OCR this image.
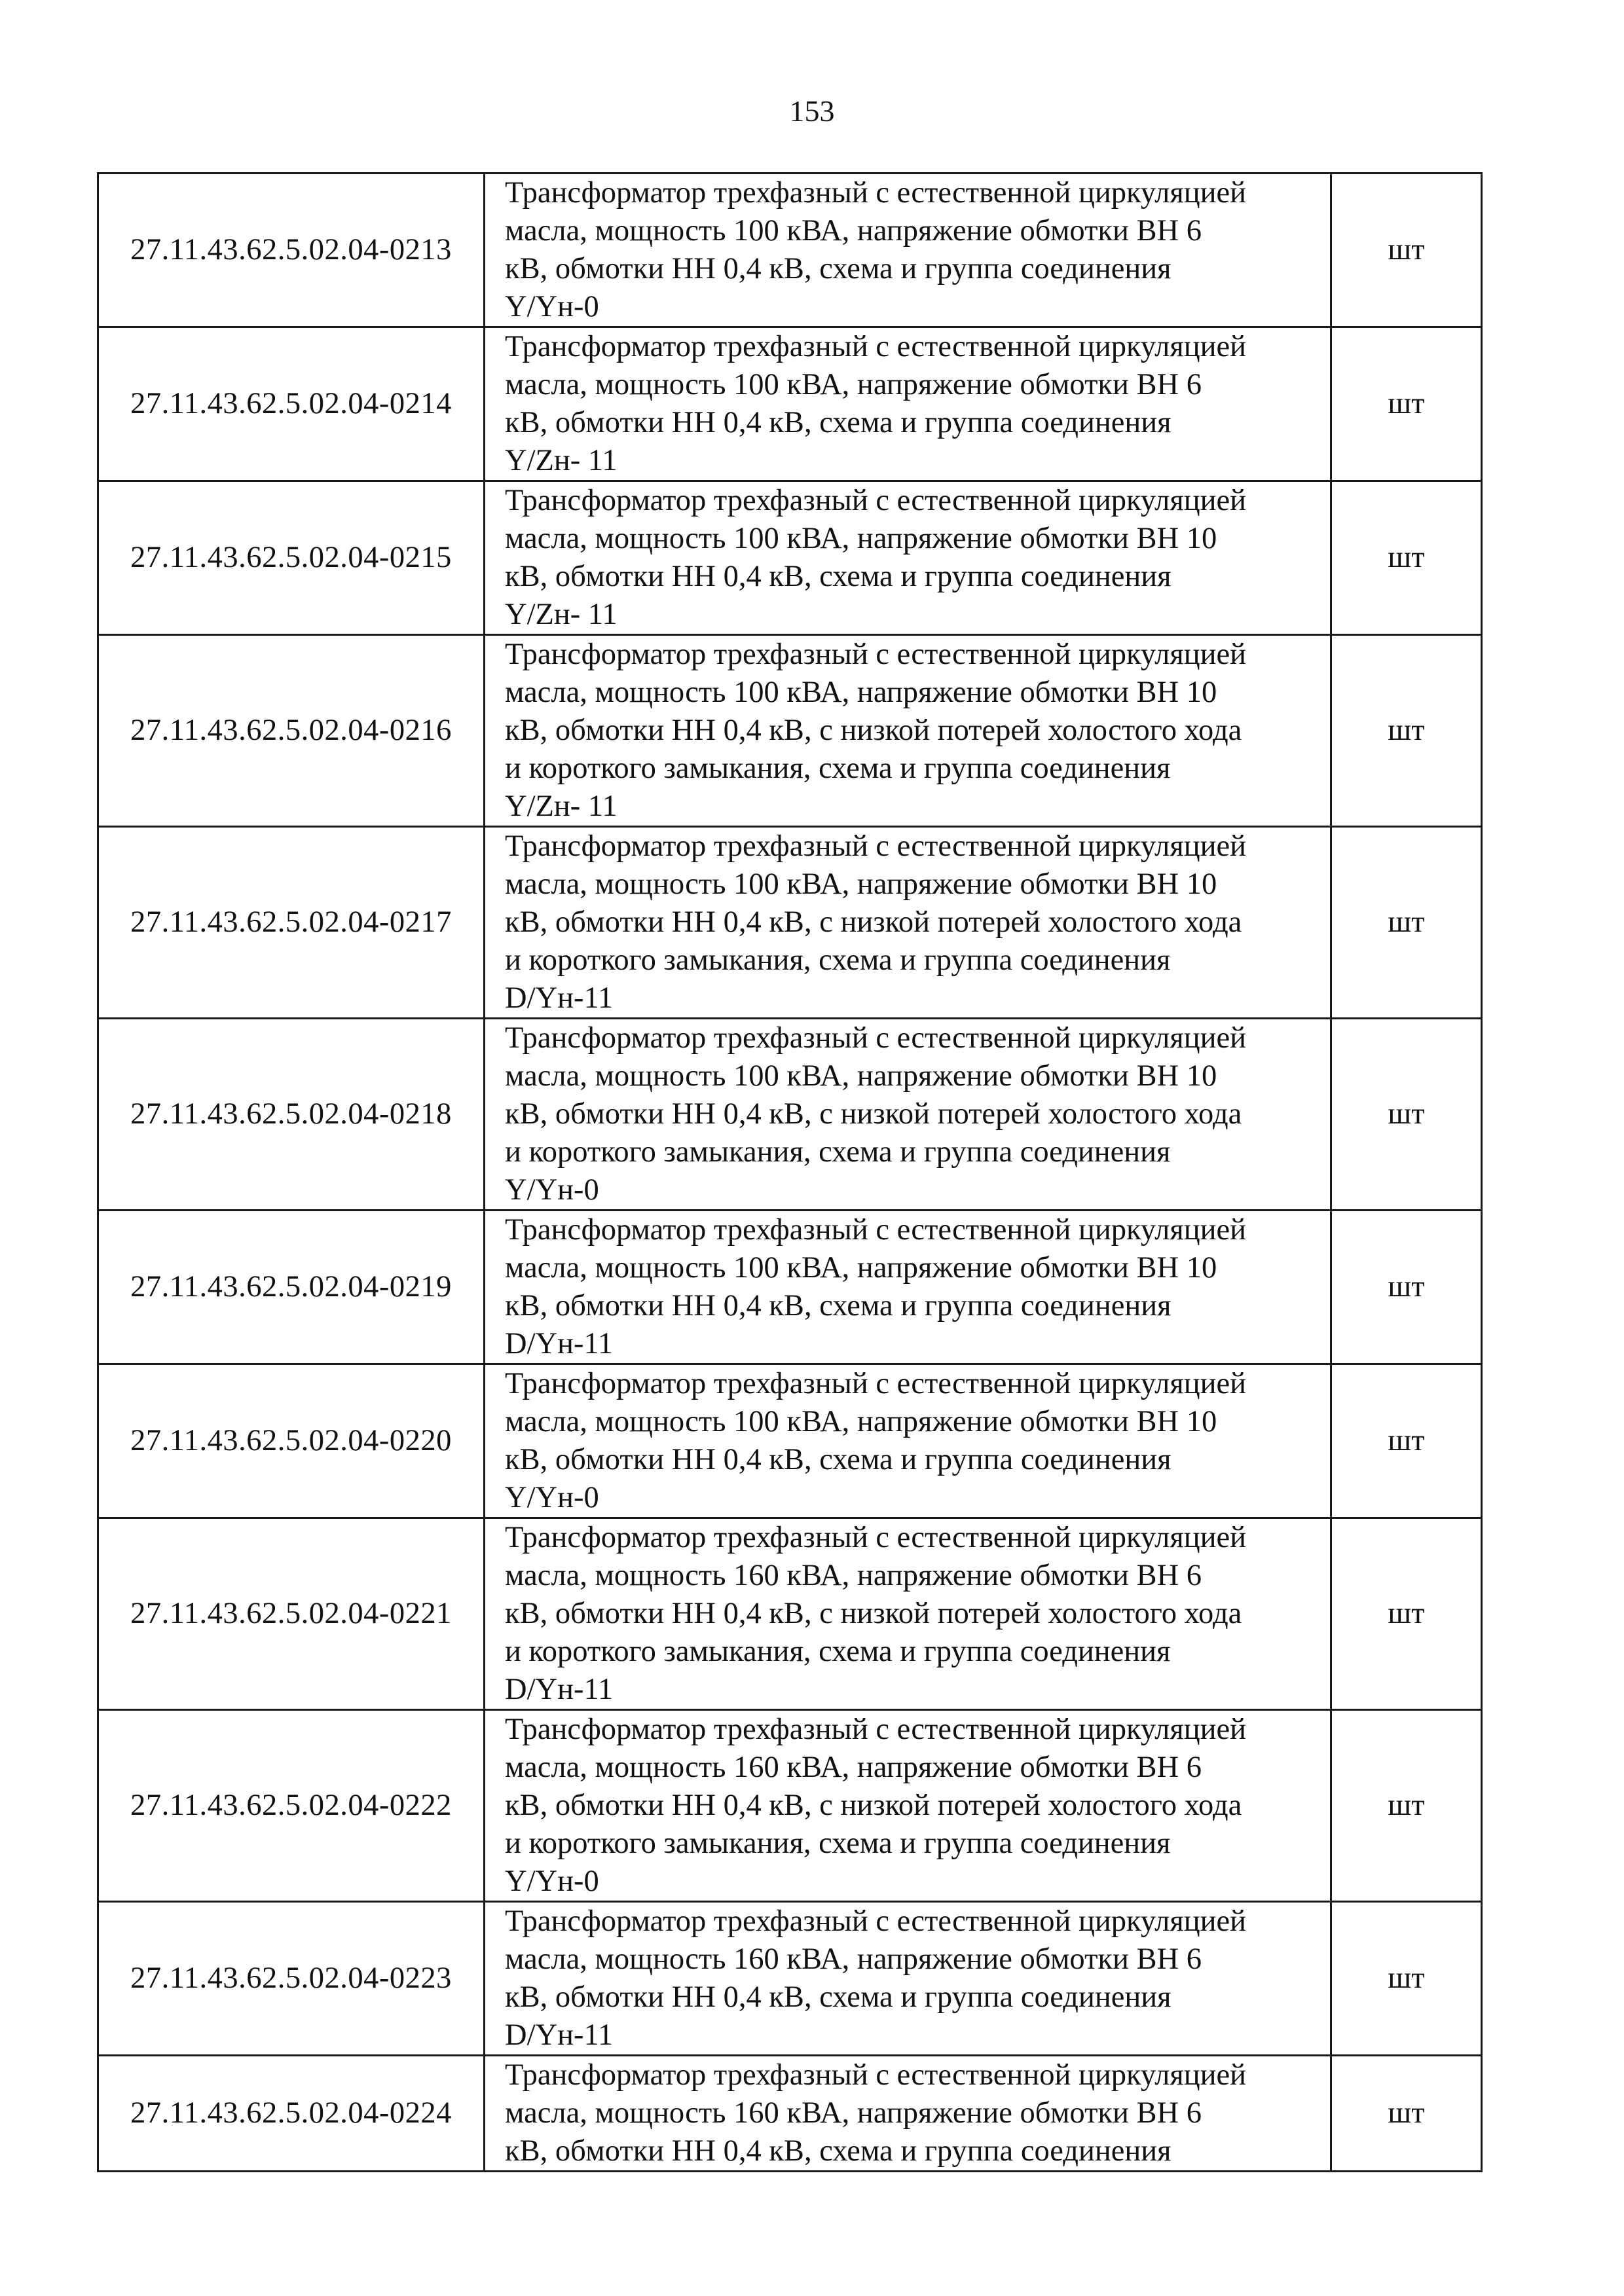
153
27.11.43.62.5.02.04-0213	Трансформатор трехфазный с естественной циркуляцией
масла, мощность 100 кВА, напряжение обмотки ВН 6
кВ, обмотки НН 0,4 кВ, схема и группа соединения
Y/Yн-0	шт
27.11.43.62.5.02.04-0214	Трансформатор трехфазный с естественной циркуляцией
масла, мощность 100 кВА, напряжение обмотки ВН 6
кВ, обмотки НН 0,4 кВ, схема и группа соединения
Y/Zн- 11	шт
27.11.43.62.5.02.04-0215	Трансформатор трехфазный с естественной циркуляцией
масла, мощность 100 кВА, напряжение обмотки ВН 10
кВ, обмотки НН 0,4 кВ, схема и группа соединения
Y/Zн- 11	шт
27.11.43.62.5.02.04-0216	Трансформатор трехфазный с естественной циркуляцией
масла, мощность 100 кВА, напряжение обмотки ВН 10
кВ, обмотки НН 0,4 кВ, с низкой потерей холостого хода
и короткого замыкания, схема и группа соединения
Y/Zн- 11	шт
27.11.43.62.5.02.04-0217	Трансформатор трехфазный с естественной циркуляцией
масла, мощность 100 кВА, напряжение обмотки ВН 10
кВ, обмотки НН 0,4 кВ, с низкой потерей холостого хода
и короткого замыкания, схема и группа соединения
D/Yн-11	шт
27.11.43.62.5.02.04-0218	Трансформатор трехфазный с естественной циркуляцией
масла, мощность 100 кВА, напряжение обмотки ВН 10
кВ, обмотки НН 0,4 кВ, с низкой потерей холостого хода
и короткого замыкания, схема и группа соединения
Y/Yн-0	шт
27.11.43.62.5.02.04-0219	Трансформатор трехфазный с естественной циркуляцией
масла, мощность 100 кВА, напряжение обмотки ВН 10
кВ, обмотки НН 0,4 кВ, схема и группа соединения
D/Yн-11	шт
27.11.43.62.5.02.04-0220	Трансформатор трехфазный с естественной циркуляцией
масла, мощность 100 кВА, напряжение обмотки ВН 10
кВ, обмотки НН 0,4 кВ, схема и группа соединения
Y/Yн-0	шт
27.11.43.62.5.02.04-0221	Трансформатор трехфазный с естественной циркуляцией
масла, мощность 160 кВА, напряжение обмотки ВН 6
кВ, обмотки НН 0,4 кВ, с низкой потерей холостого хода
и короткого замыкания, схема и группа соединения
D/Yн-11	шт
27.11.43.62.5.02.04-0222	Трансформатор трехфазный с естественной циркуляцией
масла, мощность 160 кВА, напряжение обмотки ВН 6
кВ, обмотки НН 0,4 кВ, с низкой потерей холостого хода
и короткого замыкания, схема и группа соединения
Y/Yн-0	шт
27.11.43.62.5.02.04-0223	Трансформатор трехфазный с естественной циркуляцией
масла, мощность 160 кВА, напряжение обмотки ВН 6
кВ, обмотки НН 0,4 кВ, схема и группа соединения
D/Yн-11	шт
27.11.43.62.5.02.04-0224	Трансформатор трехфазный с естественной циркуляцией
масла, мощность 160 кВА, напряжение обмотки ВН 6
кВ, обмотки НН 0,4 кВ, схема и группа соединения	шт
